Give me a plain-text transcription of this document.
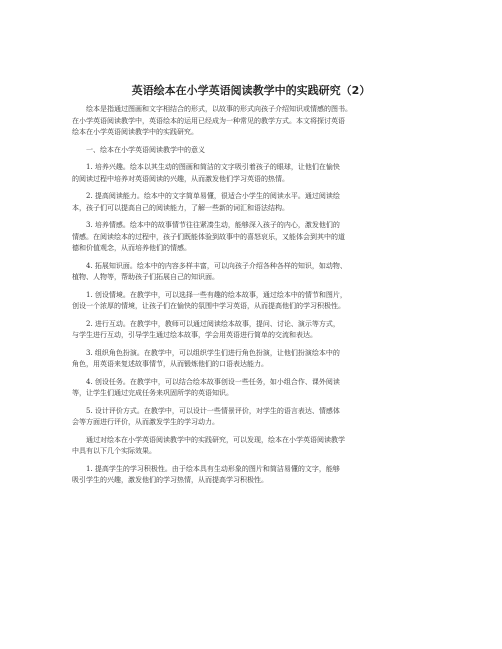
英语绘本在小学英语阅读教学中的实践研究（2）
绘本是指通过图画和文字相结合的形式，以故事的形式向孩子介绍知识或情感的图书。
在小学英语阅读教学中，英语绘本的运用已经成为一种常见的教学方式。本文将探讨英语
绘本在小学英语阅读教学中的实践研究。
一、绘本在小学英语阅读教学中的意义
1. 培养兴趣。绘本以其生动的图画和简洁的文字吸引着孩子的眼球，让他们在愉快
的阅读过程中培养对英语阅读的兴趣，从而激发他们学习英语的热情。
2. 提高阅读能力。绘本中的文字简单易懂，很适合小学生的阅读水平。通过阅读绘
本，孩子们可以提高自己的阅读能力，了解一些新的词汇和语法结构。
3. 培养情感。绘本中的故事情节往往紧凑生动，能够深入孩子的内心，激发他们的
情感。在阅读绘本的过程中，孩子们既能体验到故事中的喜怒哀乐，又能体会到其中的道
德和价值观念，从而培养他们的情感。
4. 拓展知识面。绘本中的内容多样丰富，可以向孩子介绍各种各样的知识，如动物、
植物、人物等，帮助孩子们拓展自己的知识面。
1. 创设情境。在教学中，可以选择一些有趣的绘本故事，通过绘本中的情节和图片，
创设一个浓厚的情境，让孩子们在愉快的氛围中学习英语，从而提高他们的学习积极性。
2. 进行互动。在教学中，教师可以通过阅读绘本故事，提问、讨论、演示等方式，
与学生进行互动，引导学生通过绘本故事，学会用英语进行简单的交流和表达。
3. 组织角色扮演。在教学中，可以组织学生们进行角色扮演，让他们扮演绘本中的
角色，用英语来复述故事情节，从而锻炼他们的口语表达能力。
4. 创设任务。在教学中，可以结合绘本故事创设一些任务，如小组合作、课外阅读
等，让学生们通过完成任务来巩固所学的英语知识。
5. 设计评价方式。在教学中，可以设计一些情景评价，对学生的语言表达、情感体
会等方面进行评价，从而激发学生的学习动力。
通过对绘本在小学英语阅读教学中的实践研究，可以发现，绘本在小学英语阅读教学
中具有以下几个实际效果。
1. 提高学生的学习积极性。由于绘本具有生动形象的图片和简洁易懂的文字，能够
吸引学生的兴趣，激发他们的学习热情，从而提高学习积极性。
